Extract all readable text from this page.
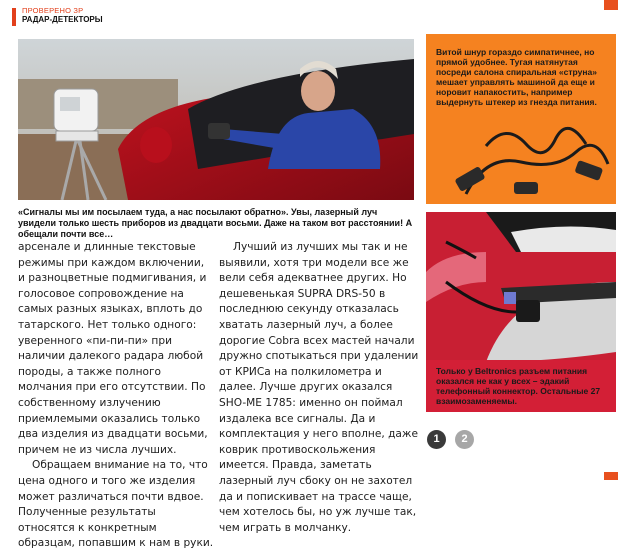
ПРОВЕРЕНО ЗР
РАДАР-ДЕТЕКТОРЫ
«Сигналы мы им посылаем туда, а нас посылают обратно». Увы, лазерный луч увидели только шесть приборов из двадцати восьми. Даже на таком вот расстоянии! А обещали почти все…

арсенале и длинные текстовые режимы при каждом включении, и разноцветные подмигивания, и голосовое сопровождение на самых разных языках, вплоть до татарского. Нет только одного: уверенного «пи-пи-пи» при наличии далекого радара любой породы, а также полного молчания при его отсутствии. По собственному излучению приемлемыми оказались только два изделия из двадцати восьми, причем не из числа лучших.

Обращаем внимание на то, что цена одного и того же изделия может различаться почти вдвое. Полученные результаты относятся к конкретным образцам, попавшим к нам в руки.

Лучший из лучших мы так и не выявили, хотя три модели все же вели себя адекватнее других. Но дешевенькая SUPRA DRS-50 в последнюю секунду отказалась хватать лазерный луч, а более дорогие Cobra всех мастей начали дружно спотыкаться при удалении от КРИСа на полкилометра и далее. Лучше других оказался SHO-ME 1785: именно он поймал издалека все сигналы. Да и комплектация у него вполне, даже коврик противоскольжения имеется. Правда, заметать лазерный луч сбоку он не захотел да и попискивает на трассе чаще, чем хотелось бы, но уж лучше так, чем играть в молчанку.

Витой шнур гораздо симпатичнее, но прямой удобнее. Тугая натянутая посреди салона спиральная «струна» мешает управлять машиной да еще и норовит напакостить, например выдернуть штекер из гнезда питания.
Только у Beltronics разъем питания оказался не как у всех – эдакий телефонный коннектор. Остальные 27 взаимозаменяемы.
1	2
